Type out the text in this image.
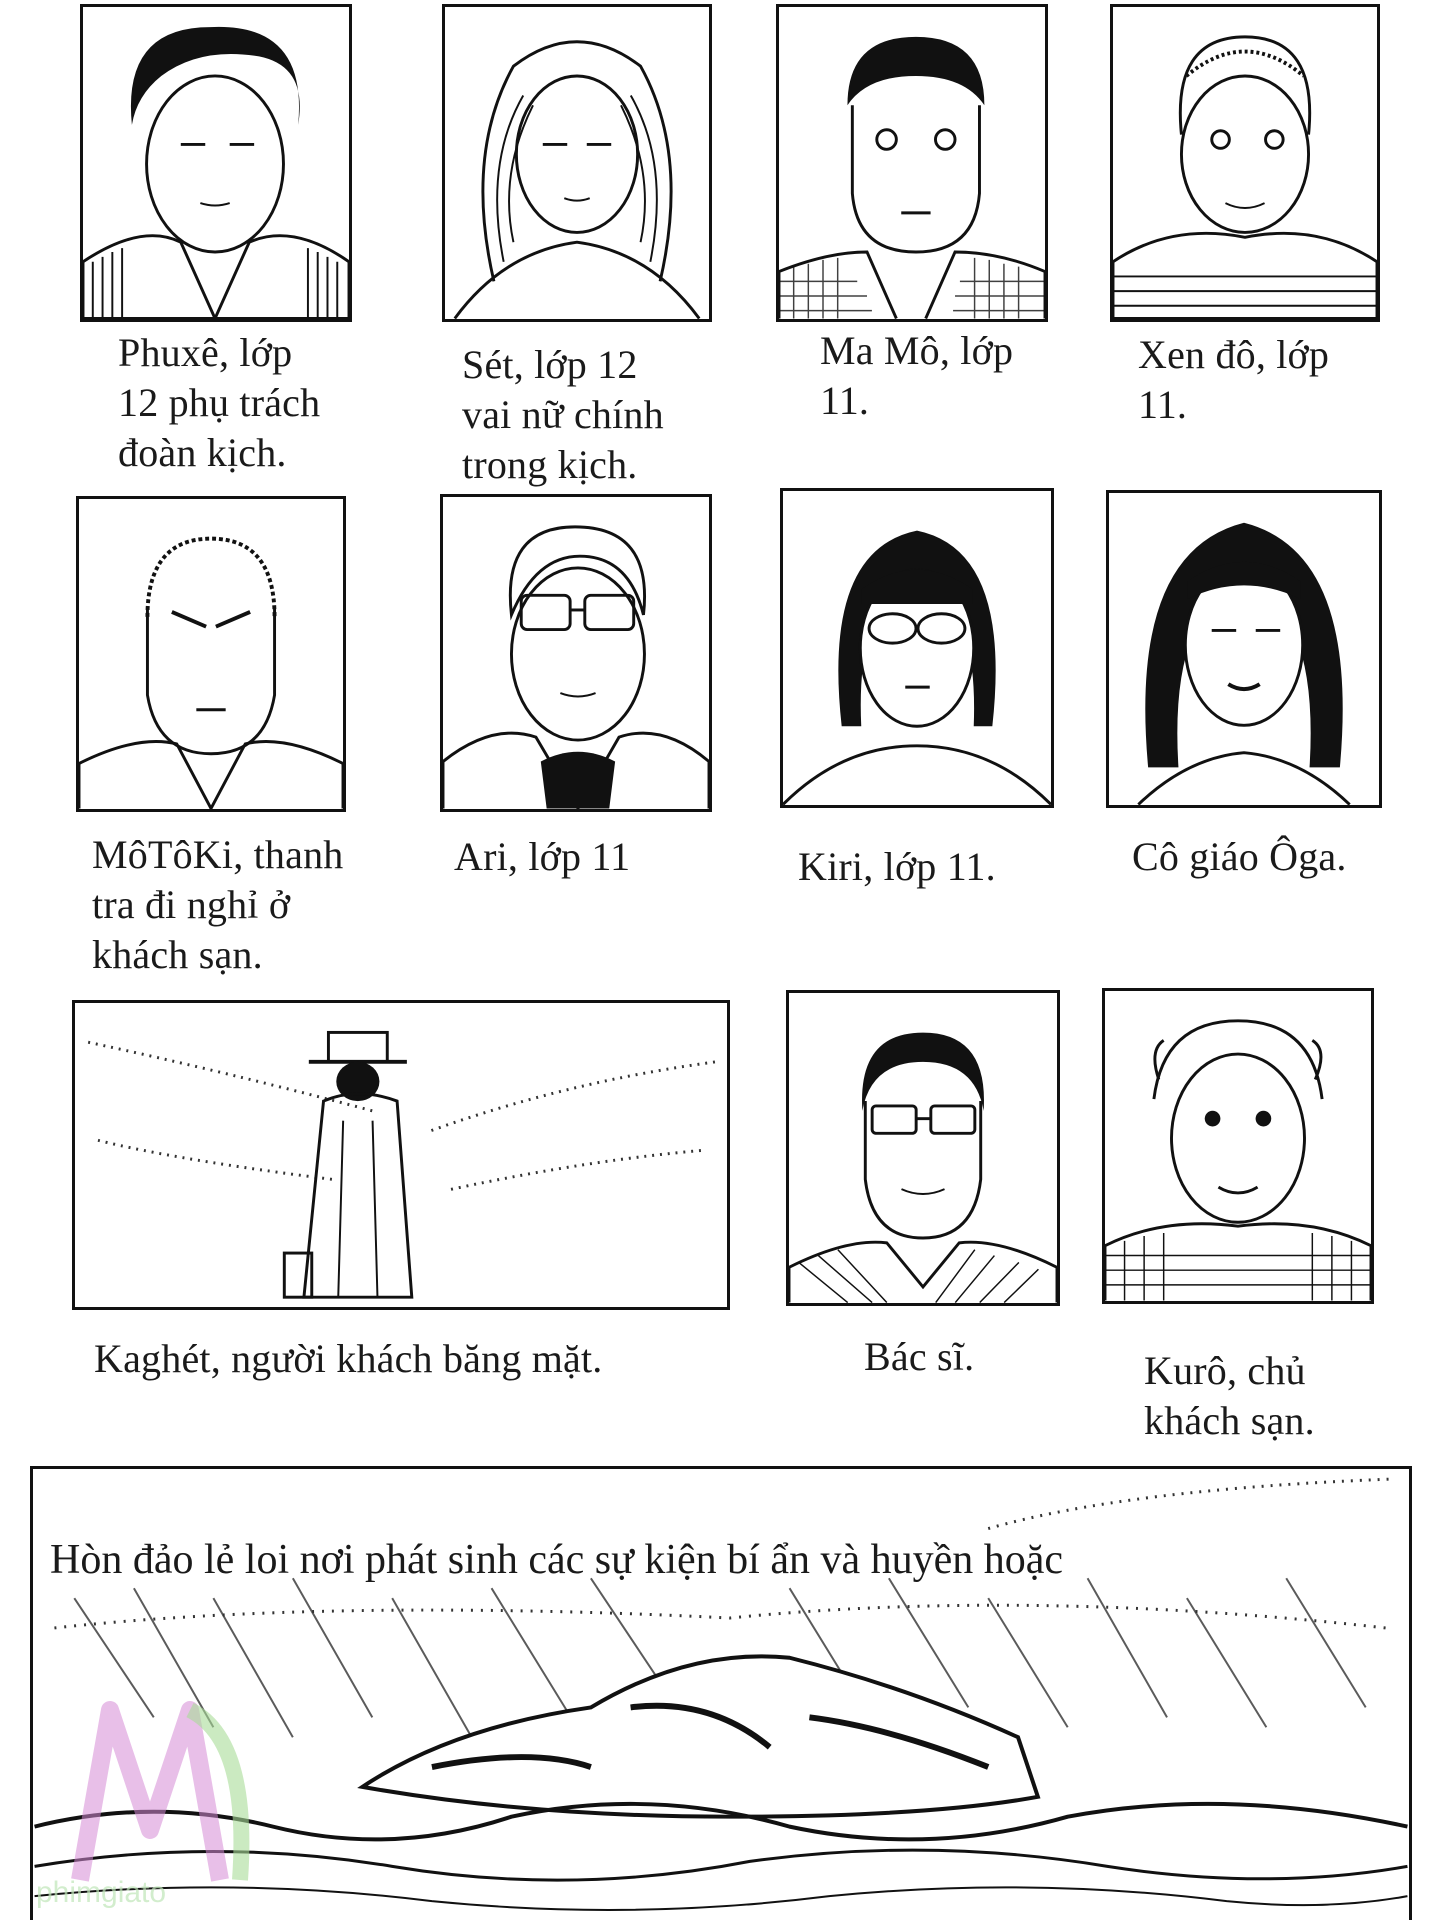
Phuxê, lớp
12 phụ trách
đoàn kịch.
Sét, lớp 12
vai nữ chính
trong kịch.
Ma Mô, lớp
11.
Xen đô, lớp
11.
MôTôKi, thanh
tra đi nghỉ ở
khách sạn.
Ari, lớp 11	Kiri, lớp 11.	Cô giáo Ôga.
Kaghét, người khách băng mặt.	Bác sĩ.	Kurô, chủ
khách sạn.
Hòn đảo lẻ loi nơi phát sinh các sự kiện bí ẩn và huyền hoặc
phimgiato
